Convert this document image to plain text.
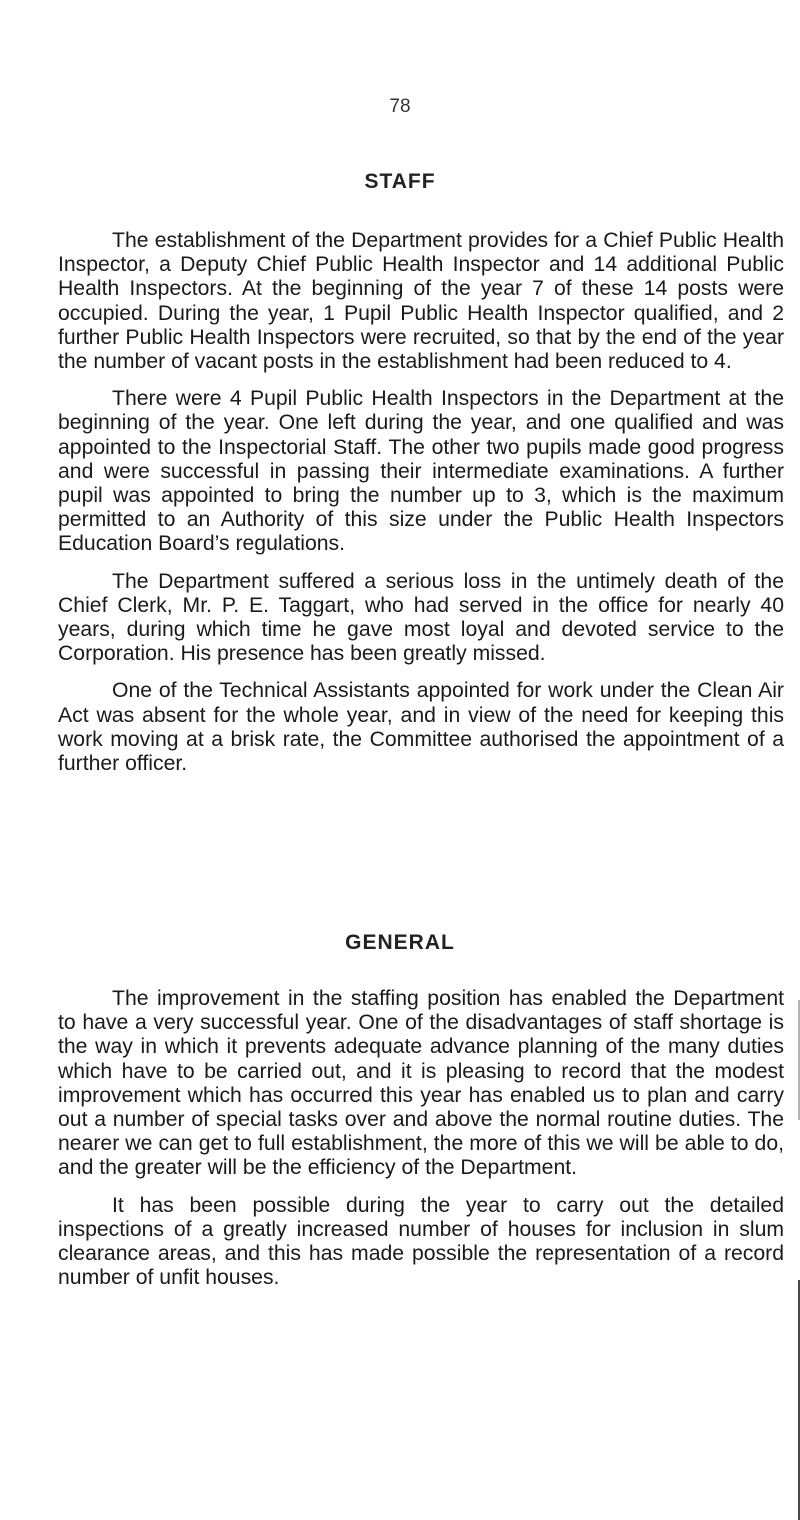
78
STAFF

The establishment of the Department provides for a Chief Public Health Inspector, a Deputy Chief Public Health Inspector and 14 additional Public Health Inspectors. At the beginning of the year 7 of these 14 posts were occupied. During the year, 1 Pupil Public Health Inspector qualified, and 2 further Public Health Inspectors were recruited, so that by the end of the year the number of vacant posts in the establishment had been reduced to 4.

There were 4 Pupil Public Health Inspectors in the Department at the beginning of the year. One left during the year, and one qualified and was appointed to the Inspectorial Staff. The other two pupils made good progress and were successful in passing their intermediate examinations. A further pupil was appointed to bring the number up to 3, which is the maximum permitted to an Authority of this size under the Public Health Inspectors Education Board’s regulations.

The Department suffered a serious loss in the untimely death of the Chief Clerk, Mr. P. E. Taggart, who had served in the office for nearly 40 years, during which time he gave most loyal and devoted service to the Corporation. His presence has been greatly missed.

One of the Technical Assistants appointed for work under the Clean Air Act was absent for the whole year, and in view of the need for keeping this work moving at a brisk rate, the Committee authorised the appointment of a further officer.

GENERAL

The improvement in the staffing position has enabled the Department to have a very successful year. One of the disadvantages of staff shortage is the way in which it prevents adequate advance planning of the many duties which have to be carried out, and it is pleasing to record that the modest improvement which has occurred this year has enabled us to plan and carry out a number of special tasks over and above the normal routine duties. The nearer we can get to full establishment, the more of this we will be able to do, and the greater will be the efficiency of the Department.

It has been possible during the year to carry out the detailed inspections of a greatly increased number of houses for inclusion in slum clearance areas, and this has made possible the representation of a record number of unfit houses.
